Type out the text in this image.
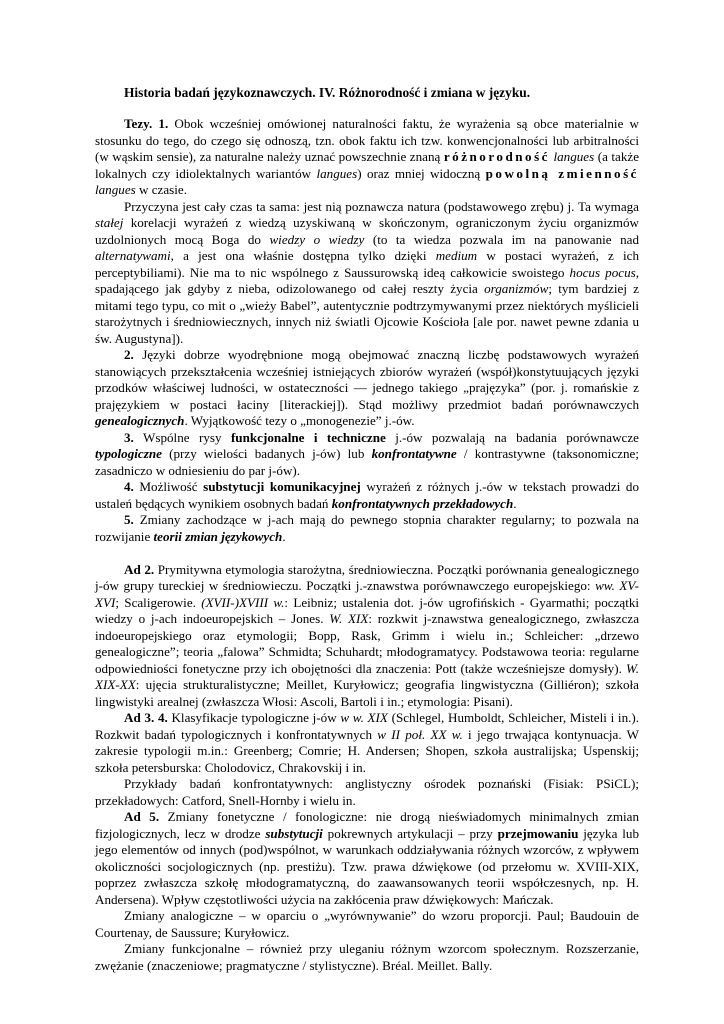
Historia badań językoznawczych. IV. Różnorodność i zmiana w języku.

Tezy. 1. Obok wcześniej omówionej naturalności faktu, że wyrażenia są obce materialnie w stosunku do tego, do czego się odnoszą, tzn. obok faktu ich tzw. konwencjonalności lub arbitralności (w wąskim sensie), za naturalne należy uznać powszechnie znaną różnorodność langues (a także lokalnych czy idiolektalnych wariantów langues) oraz mniej widoczną powolną zmienność langues w czasie.

Przyczyna jest cały czas ta sama: jest nią poznawcza natura (podstawowego zrębu) j. Ta wymaga stałej korelacji wyrażeń z wiedzą uzyskiwaną w skończonym, ograniczonym życiu organizmów uzdolnionych mocą Boga do wiedzy o wiedzy (to ta wiedza pozwala im na panowanie nad alternatywami, a jest ona właśnie dostępna tylko dzięki medium w postaci wyrażeń, z ich perceptybiliami). Nie ma to nic wspólnego z Saussurowską ideą całkowicie swoistego hocus pocus, spadającego jak gdyby z nieba, odizolowanego od całej reszty życia organizmów; tym bardziej z mitami tego typu, co mit o „wieży Babel”, autentycznie podtrzymywanymi przez niektórych myślicieli starożytnych i średniowiecznych, innych niż światli Ojcowie Kościoła [ale por. nawet pewne zdania u św. Augustyna]).

2. Języki dobrze wyodrębnione mogą obejmować znaczną liczbę podstawowych wyrażeń stanowiących przekształcenia wcześniej istniejących zbiorów wyrażeń (współ)konstytuujących języki przodków właściwej ludności, w ostateczności — jednego takiego „prajęzyka” (por. j. romańskie z prajęzykiem w postaci łaciny [literackiej]). Stąd możliwy przedmiot badań porównawczych genealogicznych. Wyjątkowość tezy o „monogenezie” j.-ów.

3. Wspólne rysy funkcjonalne i techniczne j.-ów pozwalają na badania porównawcze typologiczne (przy wielości badanych j-ów) lub konfrontatywne / kontrastywne (taksonomiczne; zasadniczo w odniesieniu do par j-ów).

4. Możliwość substytucji komunikacyjnej wyrażeń z różnych j.-ów w tekstach prowadzi do ustaleń będących wynikiem osobnych badań konfrontatywnych przekładowych.

5. Zmiany zachodzące w j-ach mają do pewnego stopnia charakter regularny; to pozwala na rozwijanie teorii zmian językowych.

Ad 2. Prymitywna etymologia starożytna, średniowieczna. Początki porównania genealogicznego j-ów grupy tureckiej w średniowieczu. Początki j.-znawstwa porównawczego europejskiego: ww. XV-XVI; Scaligerowie. (XVII-)XVIII w.: Leibniz; ustalenia dot. j-ów ugrofińskich - Gyarmathi; początki wiedzy o j-ach indoeuropejskich – Jones. W. XIX: rozkwit j-znawstwa genealogicznego, zwłaszcza indoeuropejskiego oraz etymologii; Bopp, Rask, Grimm i wielu in.; Schleicher: „drzewo genealogiczne”; teoria „falowa” Schmidta; Schuhardt; młodogramatycy. Podstawowa teoria: regularne odpowiedniości fonetyczne przy ich obojętności dla znaczenia: Pott (także wcześniejsze domysły). W. XIX-XX: ujęcia strukturalistyczne; Meillet, Kuryłowicz; geografia lingwistyczna (Gilliéron); szkoła lingwistyki arealnej (zwłaszcza Włosi: Ascoli, Bartoli i in.; etymologia: Pisani).

Ad 3. 4. Klasyfikacje typologiczne j-ów w w. XIX (Schlegel, Humboldt, Schleicher, Misteli i in.). Rozkwit badań typologicznych i konfrontatywnych w II poł. XX w. i jego trwająca kontynuacja. W zakresie typologii m.in.: Greenberg; Comrie; H. Andersen; Shopen, szkoła australijska; Uspenskij; szkoła petersburska: Cholodovicz, Chrakovskij i in.

Przykłady badań konfrontatywnych: anglistyczny ośrodek poznański (Fisiak: PSiCL); przekładowych: Catford, Snell-Hornby i wielu in.

Ad 5. Zmiany fonetyczne / fonologiczne: nie drogą nieświadomych minimalnych zmian fizjologicznych, lecz w drodze substytucji pokrewnych artykulacji – przy przejmowaniu języka lub jego elementów od innych (pod)wspólnot, w warunkach oddziaływania różnych wzorców, z wpływem okoliczności socjologicznych (np. prestiżu). Tzw. prawa dźwiękowe (od przełomu w. XVIII-XIX, poprzez zwłaszcza szkołę młodogramatyczną, do zaawansowanych teorii współczesnych, np. H. Andersena). Wpływ częstotliwości użycia na zakłócenia praw dźwiękowych: Mańczak.

Zmiany analogiczne – w oparciu o „wyrównywanie” do wzoru proporcji. Paul; Baudouin de Courtenay, de Saussure; Kuryłowicz.

Zmiany funkcjonalne – również przy uleganiu różnym wzorcom społecznym. Rozszerzanie, zwężanie (znaczeniowe; pragmatyczne / stylistyczne). Bréal. Meillet. Bally.
